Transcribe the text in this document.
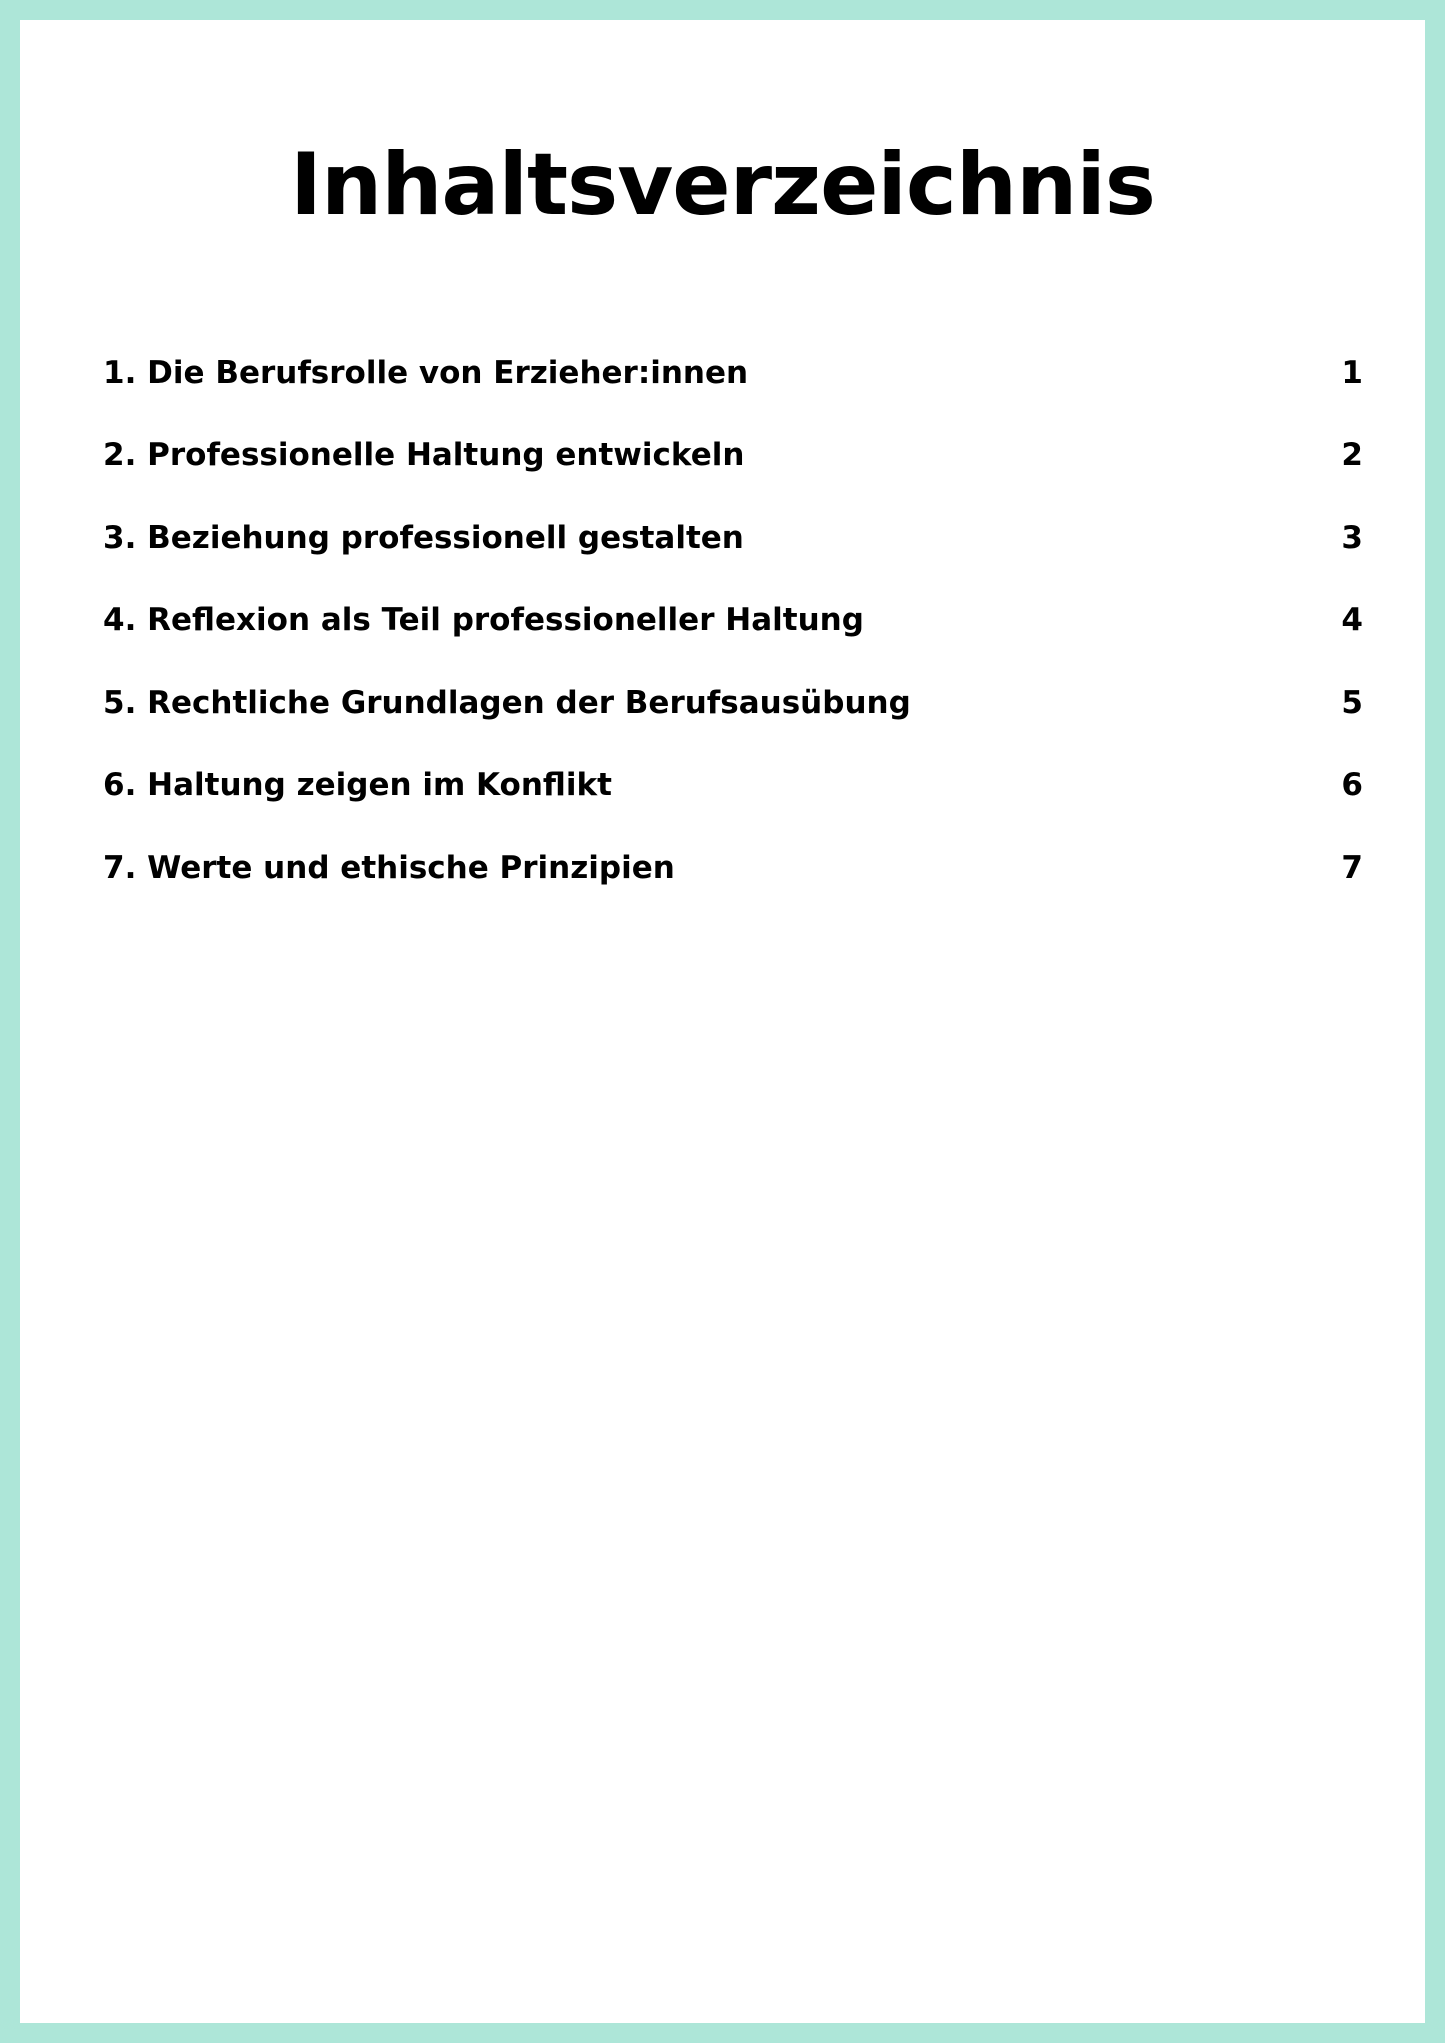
Inhaltsverzeichnis
1. Die Berufsrolle von Erzieher:innen	1
2. Professionelle Haltung entwickeln	2
3. Beziehung professionell gestalten	3
4. Reflexion als Teil professioneller Haltung	4
5. Rechtliche Grundlagen der Berufsausübung	5
6. Haltung zeigen im Konflikt	6
7. Werte und ethische Prinzipien	7
